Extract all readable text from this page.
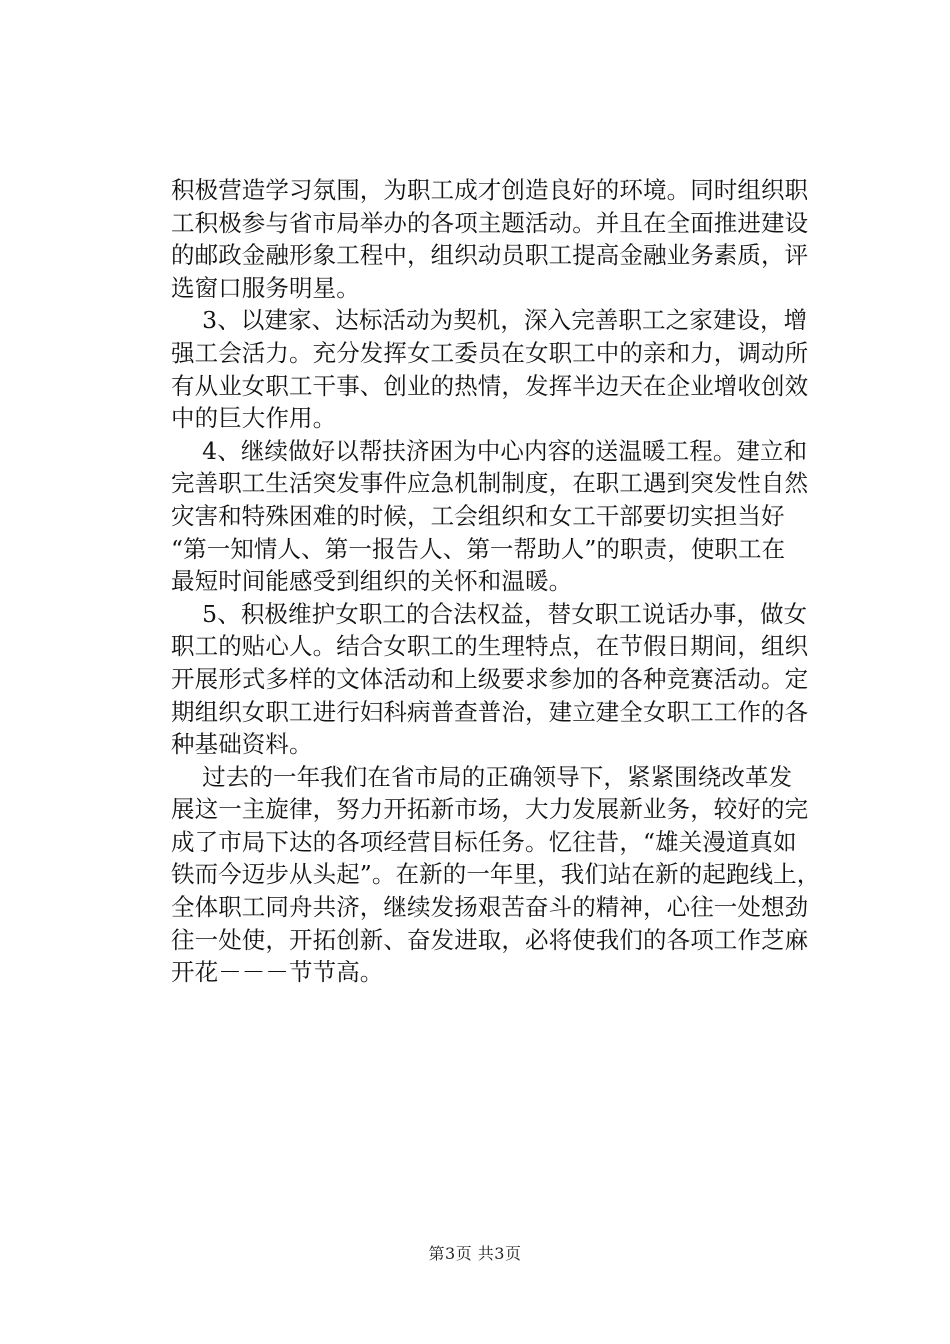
积极营造学习氛围，为职工成才创造良好的环境。同时组织职
工积极参与省市局举办的各项主题活动。并且在全面推进建设
的邮政金融形象工程中，组织动员职工提高金融业务素质，评
选窗口服务明星。
　 3、以建家、达标活动为契机，深入完善职工之家建设，增
强工会活力。充分发挥女工委员在女职工中的亲和力，调动所
有从业女职工干事、创业的热情，发挥半边天在企业增收创效
中的巨大作用。
　 4、继续做好以帮扶济困为中心内容的送温暖工程。建立和
完善职工生活突发事件应急机制制度，在职工遇到突发性自然
灾害和特殊困难的时候，工会组织和女工干部要切实担当好
“第一知情人、第一报告人、第一帮助人”的职责，使职工在
最短时间能感受到组织的关怀和温暖。
　 5、积极维护女职工的合法权益，替女职工说话办事，做女
职工的贴心人。结合女职工的生理特点，在节假日期间，组织
开展形式多样的文体活动和上级要求参加的各种竞赛活动。定
期组织女职工进行妇科病普查普治，建立建全女职工工作的各
种基础资料。
　 过去的一年我们在省市局的正确领导下，紧紧围绕改革发
展这一主旋律，努力开拓新市场，大力发展新业务，较好的完
成了市局下达的各项经营目标任务。忆往昔，“雄关漫道真如
铁而今迈步从头起”。在新的一年里，我们站在新的起跑线上，
全体职工同舟共济，继续发扬艰苦奋斗的精神，心往一处想劲
往一处使，开拓创新、奋发进取，必将使我们的各项工作芝麻
开花－－－节节高。
第3页 共3页
